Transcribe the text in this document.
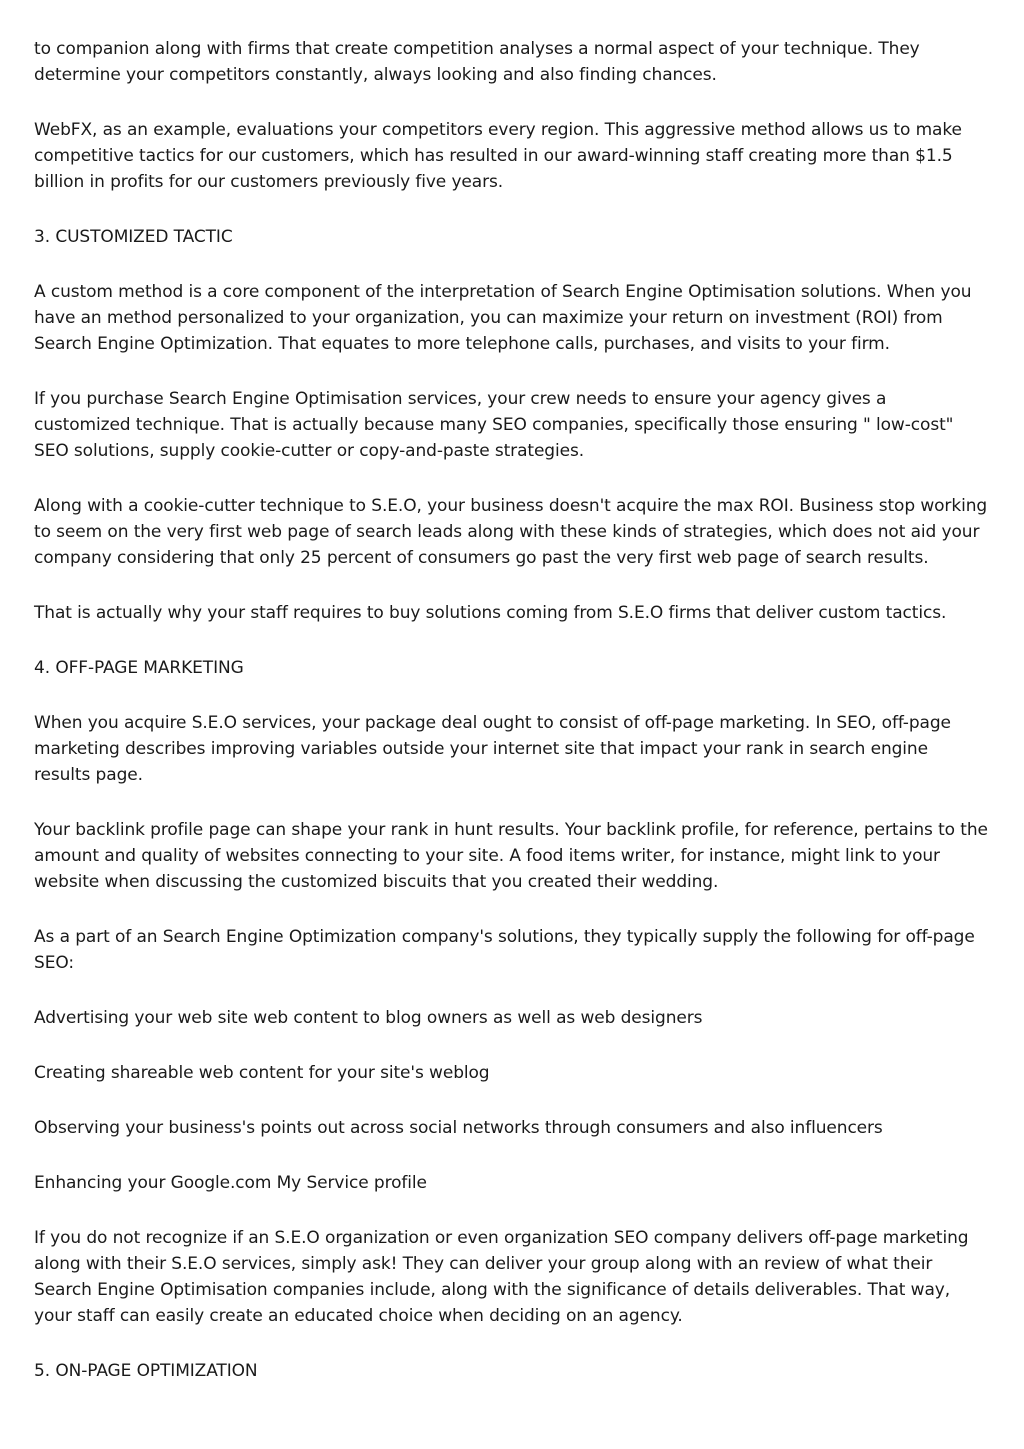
to companion along with firms that create competition analyses a normal aspect of your technique. They determine your competitors constantly, always looking and also finding chances.

WebFX, as an example, evaluations your competitors every region. This aggressive method allows us to make competitive tactics for our customers, which has resulted in our award-winning staff creating more than $1.5 billion in profits for our customers previously five years.

3. CUSTOMIZED TACTIC

A custom method is a core component of the interpretation of Search Engine Optimisation solutions. When you have an method personalized to your organization, you can maximize your return on investment (ROI) from Search Engine Optimization. That equates to more telephone calls, purchases, and visits to your firm.

If you purchase Search Engine Optimisation services, your crew needs to ensure your agency gives a customized technique. That is actually because many SEO companies, specifically those ensuring " low-cost" SEO solutions, supply cookie-cutter or copy-and-paste strategies.

Along with a cookie-cutter technique to S.E.O, your business doesn't acquire the max ROI. Business stop working to seem on the very first web page of search leads along with these kinds of strategies, which does not aid your company considering that only 25 percent of consumers go past the very first web page of search results.

That is actually why your staff requires to buy solutions coming from S.E.O firms that deliver custom tactics.

4. OFF-PAGE MARKETING

When you acquire S.E.O services, your package deal ought to consist of off-page marketing. In SEO, off-page marketing describes improving variables outside your internet site that impact your rank in search engine results page.

Your backlink profile page can shape your rank in hunt results. Your backlink profile, for reference, pertains to the amount and quality of websites connecting to your site. A food items writer, for instance, might link to your website when discussing the customized biscuits that you created their wedding.

As a part of an Search Engine Optimization company's solutions, they typically supply the following for off-page SEO:

Advertising your web site web content to blog owners as well as web designers

Creating shareable web content for your site's weblog

Observing your business's points out across social networks through consumers and also influencers

Enhancing your Google.com My Service profile

If you do not recognize if an S.E.O organization or even organization SEO company delivers off-page marketing along with their S.E.O services, simply ask! They can deliver your group along with an review of what their Search Engine Optimisation companies include, along with the significance of details deliverables. That way, your staff can easily create an educated choice when deciding on an agency.

5. ON-PAGE OPTIMIZATION
